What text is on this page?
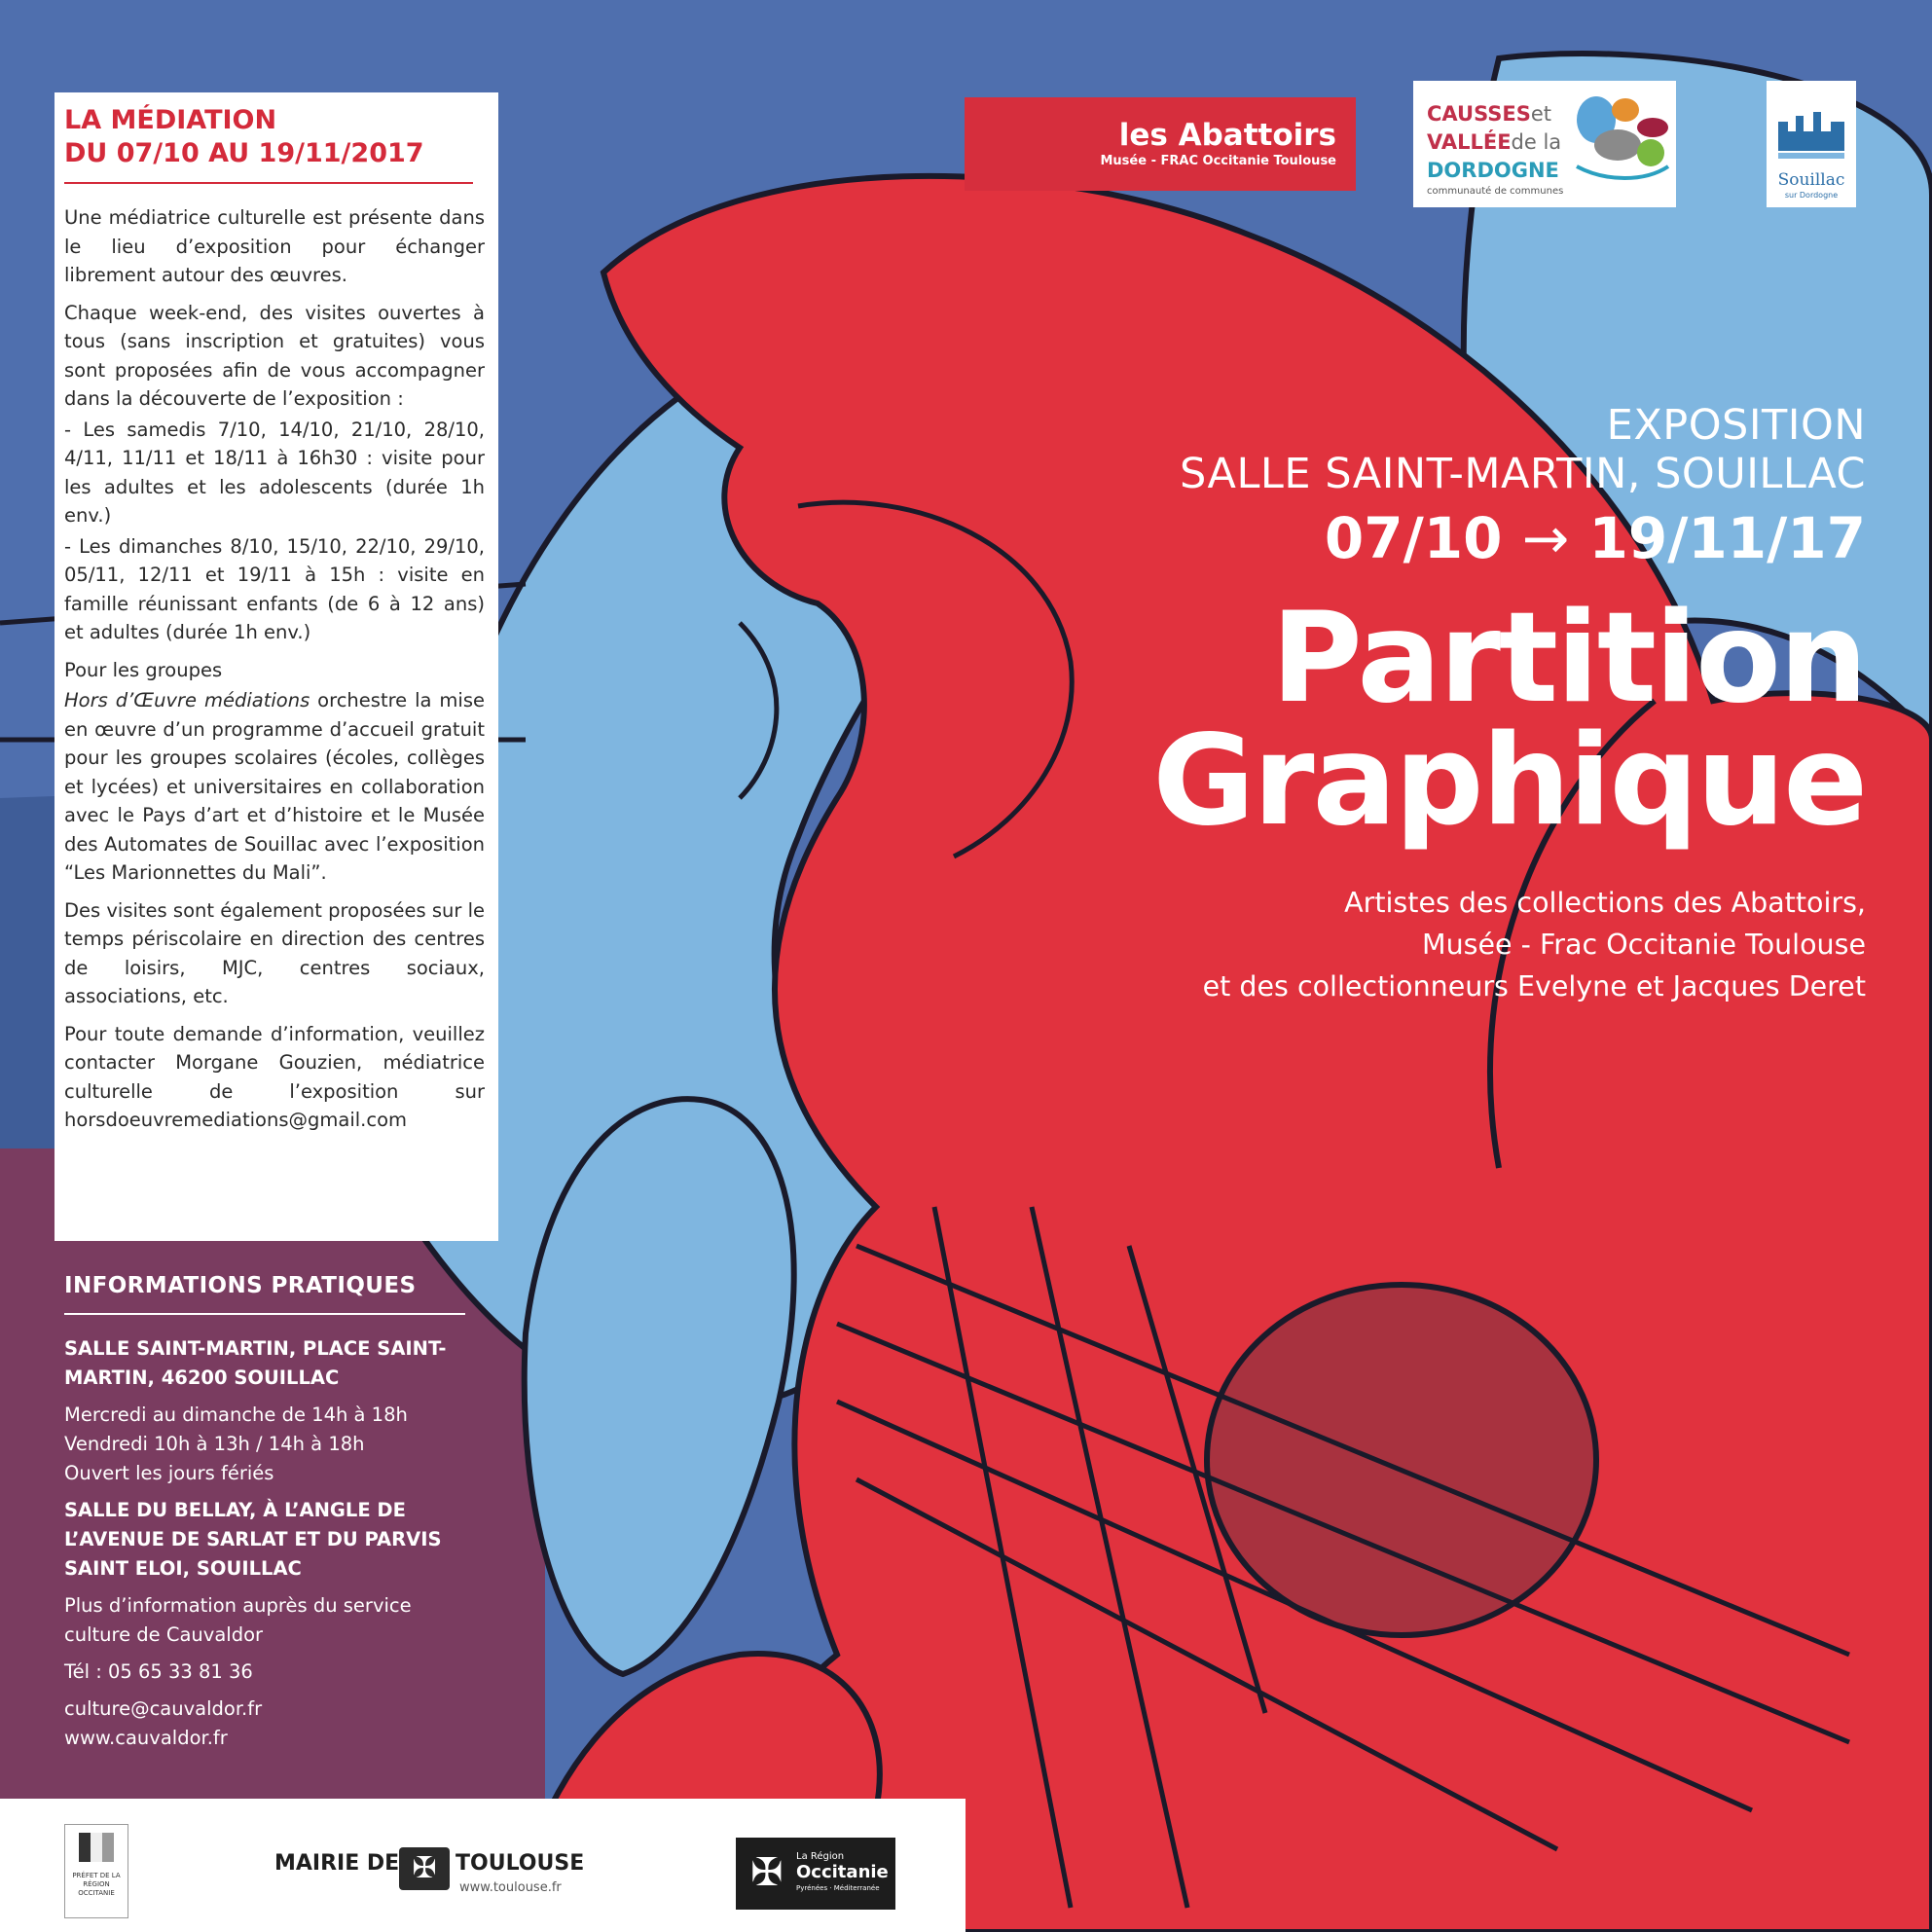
les Abattoirs

Musée - FRAC Occitanie Toulouse

CAUSSESet
VALLÉEde la
DORDOGNE
communauté de communes
Souillac
sur Dordogne

LA MÉDIATION

DU 07/10 AU 19/11/2017

Une médiatrice culturelle est présente dans le lieu d’exposition pour échanger librement autour des œuvres.

Chaque week-end, des visites ouvertes à tous (sans inscription et gratuites) vous sont proposées afin de vous accompagner dans la découverte de l’exposition :

- Les samedis 7/10, 14/10, 21/10, 28/10, 4/11, 11/11 et 18/11 à 16h30 : visite pour les adultes et les adolescents (durée 1h env.)

- Les dimanches 8/10, 15/10, 22/10, 29/10, 05/11, 12/11 et 19/11 à 15h : visite en famille réunissant enfants (de 6 à 12 ans) et adultes (durée 1h env.)

Pour les groupes

Hors d’Œuvre médiations orchestre la mise en œuvre d’un programme d’accueil gratuit pour les groupes scolaires (écoles, collèges et lycées) et universitaires en collaboration avec le Pays d’art et d’histoire et le Musée des Automates de Souillac avec l’exposition “Les Marionnettes du Mali”.

Des visites sont également proposées sur le temps périscolaire en direction des centres de loisirs, MJC, centres sociaux, associations, etc.

Pour toute demande d’information, veuillez contacter Morgane Gouzien, médiatrice culturelle de l’exposition sur horsdoeuvremediations@gmail.com

INFORMATIONS PRATIQUES

SALLE SAINT-MARTIN, PLACE SAINT-MARTIN, 46200 SOUILLAC

Mercredi au dimanche de 14h à 18h

Vendredi 10h à 13h / 14h à 18h

Ouvert les jours fériés

SALLE DU BELLAY, À L’ANGLE DE L’AVENUE DE SARLAT ET DU PARVIS SAINT ELOI, SOUILLAC

Plus d’information auprès du service culture de Cauvaldor

Tél : 05 65 33 81 36

culture@cauvaldor.fr

www.cauvaldor.fr

EXPOSITION

SALLE SAINT-MARTIN, SOUILLAC

07/10 → 19/11/17

Partition
Graphique

Artistes des collections des Abattoirs,
Musée - Frac Occitanie Toulouse
et des collectionneurs Evelyne et Jacques Deret

PRÉFET DE LA RÉGION OCCITANIE
MAIRIE DE ✠ TOULOUSE
www.toulouse.fr	✠	La Région
Occitanie
Pyrénées · Méditerranée
